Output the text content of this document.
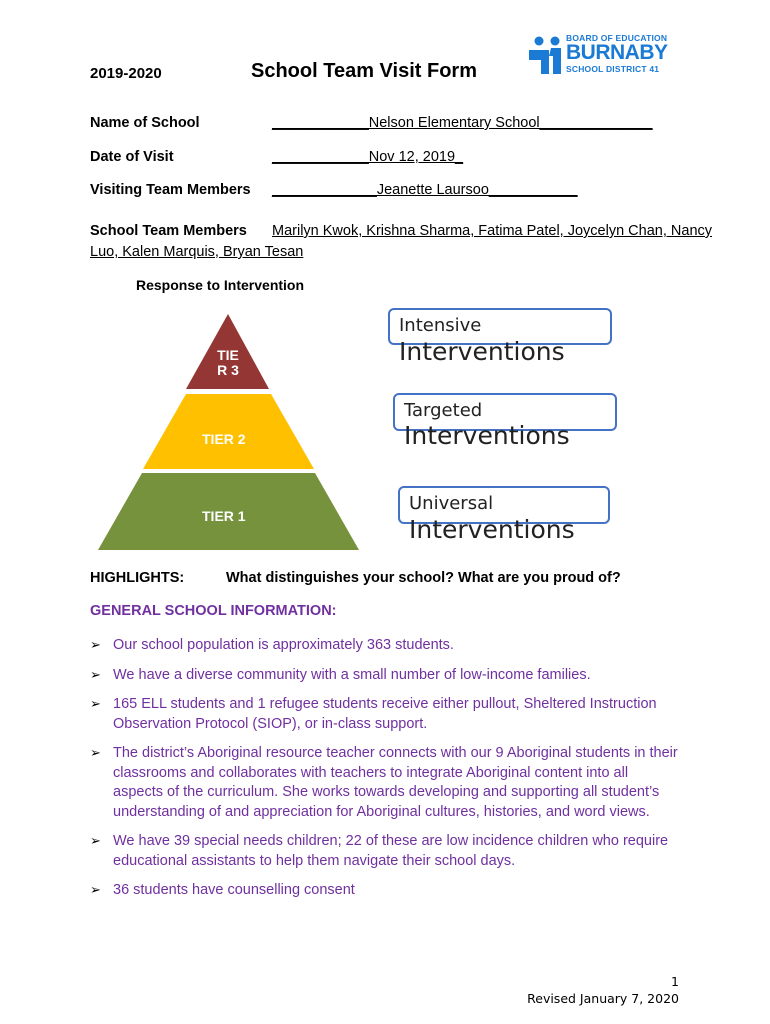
2019-2020	School Team Visit Form
BOARD OF EDUCATION
BURNABY
SCHOOL DISTRICT 41
Name of School	____________Nelson Elementary School______________
Date of Visit	____________Nov 12, 2019_
Visiting Team Members _____________Jeanette Laursoo___________
School Team Members Marilyn Kwok, Krishna Sharma, Fatima Patel, Joycelyn Chan, Nancy
Luo, Kalen Marquis, Bryan Tesan
Response to Intervention
TIER 3
TIER 2
TIER 1
Intensive
Interventions
Targeted
Interventions
Universal
Interventions
HIGHLIGHTS:	What distinguishes your school? What are you proud of?
GENERAL SCHOOL INFORMATION:
➢ Our school population is approximately 363 students.
➢ We have a diverse community with a small number of low-income families.
➢ 165 ELL students and 1 refugee students receive either pullout, Sheltered Instruction Observation Protocol (SIOP), or in-class support.
➢ The district’s Aboriginal resource teacher connects with our 9 Aboriginal students in their classrooms and collaborates with teachers to integrate Aboriginal content into all aspects of the curriculum. She works towards developing and supporting all student’s understanding of and appreciation for Aboriginal cultures, histories, and word views.
➢ We have 39 special needs children; 22 of these are low incidence children who require educational assistants to help them navigate their school days.
➢ 36 students have counselling consent
1
Revised January 7, 2020
